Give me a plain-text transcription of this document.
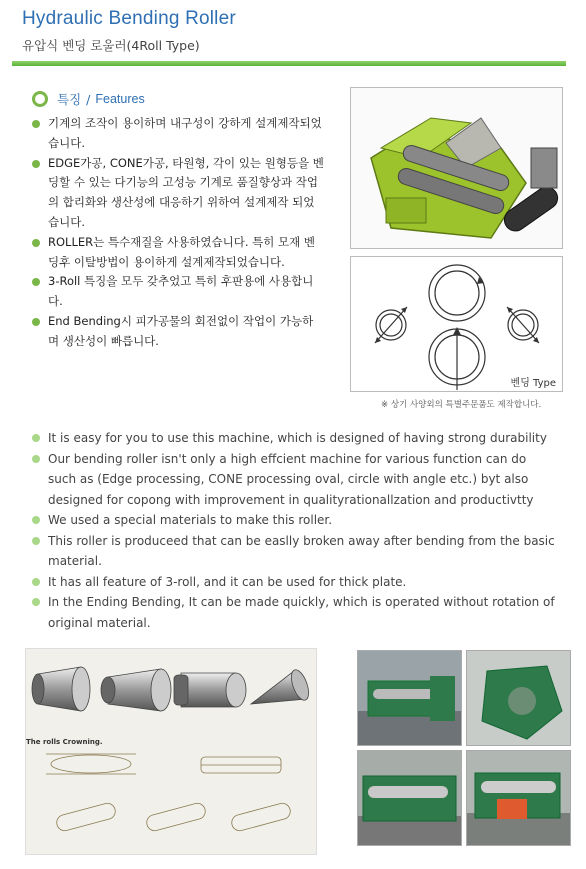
Hydraulic Bending Roller
유압식 벤딩 로울러(4Roll Type)
특징 / Features
기계의 조작이 용이하며 내구성이 강하게 설계제작되었습니다.
EDGE가공, CONE가공, 타원형, 각이 있는 원형등을 벤딩할 수 있는 다기능의 고성능 기계로 품질향상과 작업의 합리화와 생산성에 대응하기 위하여 설계제작 되었습니다.
ROLLER는 특수재질을 사용하였습니다. 특히 모재 벤딩후 이탈방법이 용이하게 설계제작되었습니다.
3-Roll 특징을 모두 갖추었고 특히 후판용에 사용합니다.
End Bending시 피가공물의 회전없이 작업이 가능하며 생산성이 빠릅니다.
벤딩 Type
※ 상기 사양외의 특별주문품도 제작합니다.
It is easy for you to use this machine, which is designed of having strong durability
Our bending roller isn't only a high effcient machine for various function can do such as (Edge processing, CONE processing oval, circle with angle etc.) byt also designed for copong with improvement in qualityrationallzation and productivtty
We used a special materials to make this roller.
This roller is produceed that can be easlly broken away after bending from the basic material.
It has all feature of 3-roll, and it can be used for thick plate.
In the Ending Bending, It can be made quickly, which is operated without rotation of original material.
The rolls Crowning.
